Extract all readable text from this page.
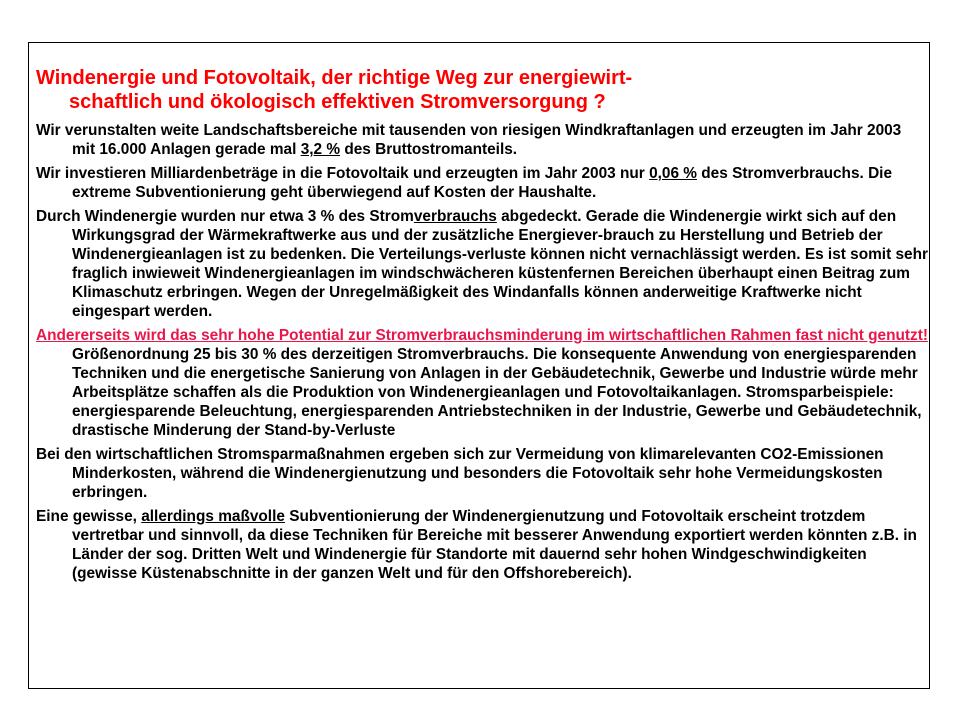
Windenergie und Fotovoltaik, der richtige Weg zur energiewirt-
schaftlich und ökologisch effektiven Stromversorgung ?
Wir verunstalten weite Landschaftsbereiche mit tausenden von riesigen Windkraftanlagen und erzeugten im Jahr 2003 mit 16.000 Anlagen gerade mal 3,2 % des Bruttostromanteils.
Wir investieren Milliardenbeträge in die Fotovoltaik und erzeugten im Jahr 2003 nur 0,06 % des Stromverbrauchs. Die extreme Subventionierung geht überwiegend auf Kosten der Haushalte.
Durch Windenergie wurden nur etwa 3 % des Stromverbrauchs abgedeckt. Gerade die Windenergie wirkt sich auf den Wirkungsgrad der Wärmekraftwerke aus und der zusätzliche Energiever-brauch zu Herstellung und Betrieb der Windenergieanlagen ist zu bedenken. Die Verteilungs-verluste können nicht vernachlässigt werden. Es ist somit sehr fraglich inwieweit Windenergieanlagen im windschwächeren küstenfernen Bereichen überhaupt einen Beitrag zum Klimaschutz erbringen. Wegen der Unregelmäßigkeit des Windanfalls können anderweitige Kraftwerke nicht eingespart werden.
Andererseits wird das sehr hohe Potential zur Stromverbrauchsminderung im wirtschaftlichen Rahmen fast nicht genutzt! Größenordnung 25 bis 30 % des derzeitigen Stromverbrauchs. Die konsequente Anwendung von energiesparenden Techniken und die energetische Sanierung von Anlagen in der Gebäudetechnik, Gewerbe und Industrie würde mehr Arbeitsplätze schaffen als die Produktion von Windenergieanlagen und Fotovoltaikanlagen. Stromsparbeispiele: energiesparende Beleuchtung, energiesparenden Antriebstechniken in der Industrie, Gewerbe und Gebäudetechnik, drastische Minderung der Stand-by-Verluste
Bei den wirtschaftlichen Stromsparmaßnahmen ergeben sich zur Vermeidung von klimarelevanten CO2-Emissionen Minderkosten, während die Windenergienutzung und besonders die Fotovoltaik sehr hohe Vermeidungskosten erbringen.
Eine gewisse, allerdings maßvolle Subventionierung der Windenergienutzung und Fotovoltaik erscheint trotzdem vertretbar und sinnvoll, da diese Techniken für Bereiche mit besserer Anwendung exportiert werden könnten z.B. in Länder der sog. Dritten Welt und Windenergie für Standorte mit dauernd sehr hohen Windgeschwindigkeiten (gewisse Küstenabschnitte in der ganzen Welt und für den Offshorebereich).
